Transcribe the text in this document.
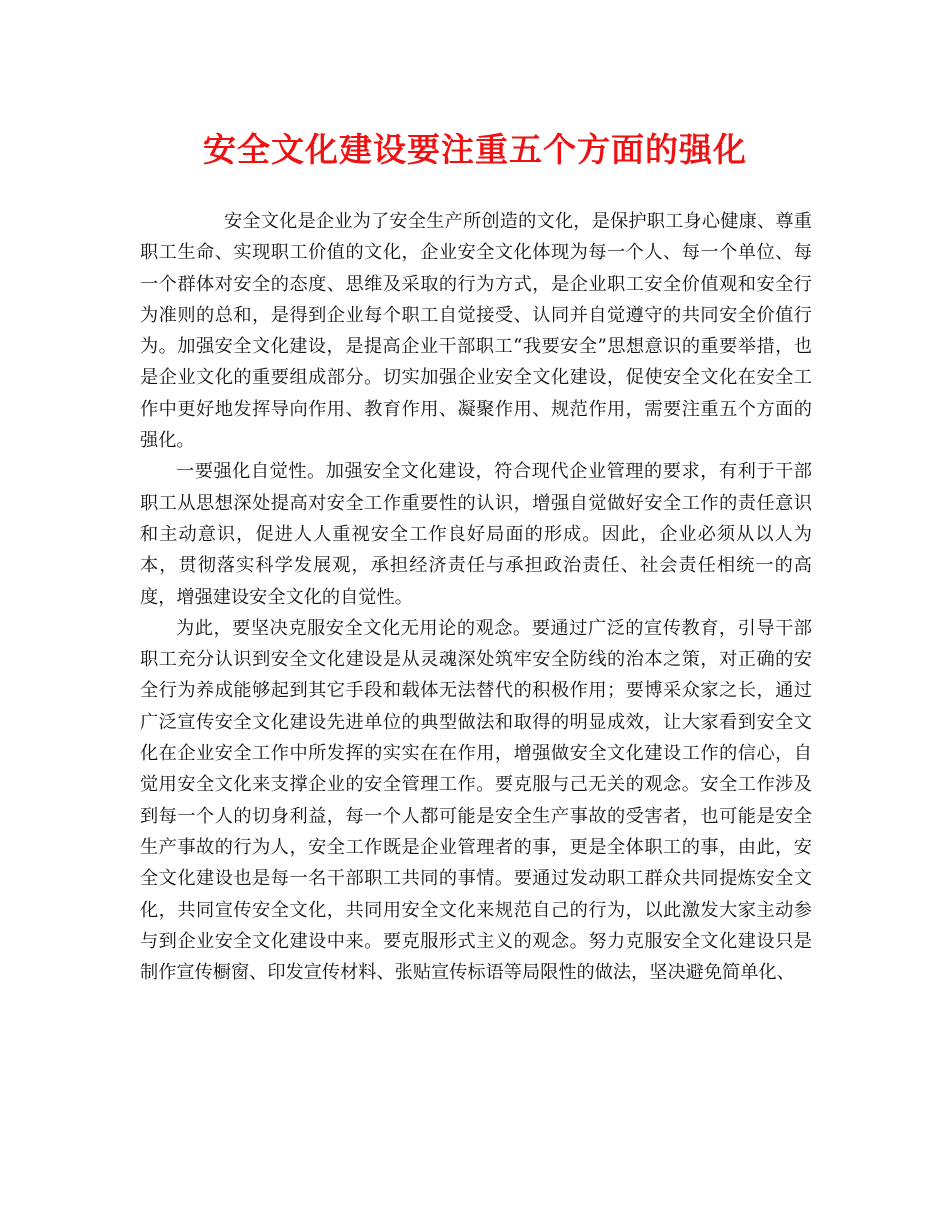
安全文化建设要注重五个方面的强化

安全文化是企业为了安全生产所创造的文化，是保护职工身心健康、尊重职工生命、实现职工价值的文化，企业安全文化体现为每一个人、每一个单位、每一个群体对安全的态度、思维及采取的行为方式，是企业职工安全价值观和安全行为准则的总和，是得到企业每个职工自觉接受、认同并自觉遵守的共同安全价值行为。加强安全文化建设，是提高企业干部职工“我要安全”思想意识的重要举措，也是企业文化的重要组成部分。切实加强企业安全文化建设，促使安全文化在安全工作中更好地发挥导向作用、教育作用、凝聚作用、规范作用，需要注重五个方面的强化。

一要强化自觉性。加强安全文化建设，符合现代企业管理的要求，有利于干部职工从思想深处提高对安全工作重要性的认识，增强自觉做好安全工作的责任意识和主动意识，促进人人重视安全工作良好局面的形成。因此，企业必须从以人为本，贯彻落实科学发展观，承担经济责任与承担政治责任、社会责任相统一的高度，增强建设安全文化的自觉性。

为此，要坚决克服安全文化无用论的观念。要通过广泛的宣传教育，引导干部职工充分认识到安全文化建设是从灵魂深处筑牢安全防线的治本之策，对正确的安全行为养成能够起到其它手段和载体无法替代的积极作用；要博采众家之长，通过广泛宣传安全文化建设先进单位的典型做法和取得的明显成效，让大家看到安全文化在企业安全工作中所发挥的实实在在作用，增强做安全文化建设工作的信心，自觉用安全文化来支撑企业的安全管理工作。要克服与己无关的观念。安全工作涉及到每一个人的切身利益，每一个人都可能是安全生产事故的受害者，也可能是安全生产事故的行为人，安全工作既是企业管理者的事，更是全体职工的事，由此，安全文化建设也是每一名干部职工共同的事情。要通过发动职工群众共同提炼安全文化，共同宣传安全文化，共同用安全文化来规范自己的行为，以此激发大家主动参与到企业安全文化建设中来。要克服形式主义的观念。努力克服安全文化建设只是制作宣传橱窗、印发宣传材料、张贴宣传标语等局限性的做法，坚决避免简单化、
